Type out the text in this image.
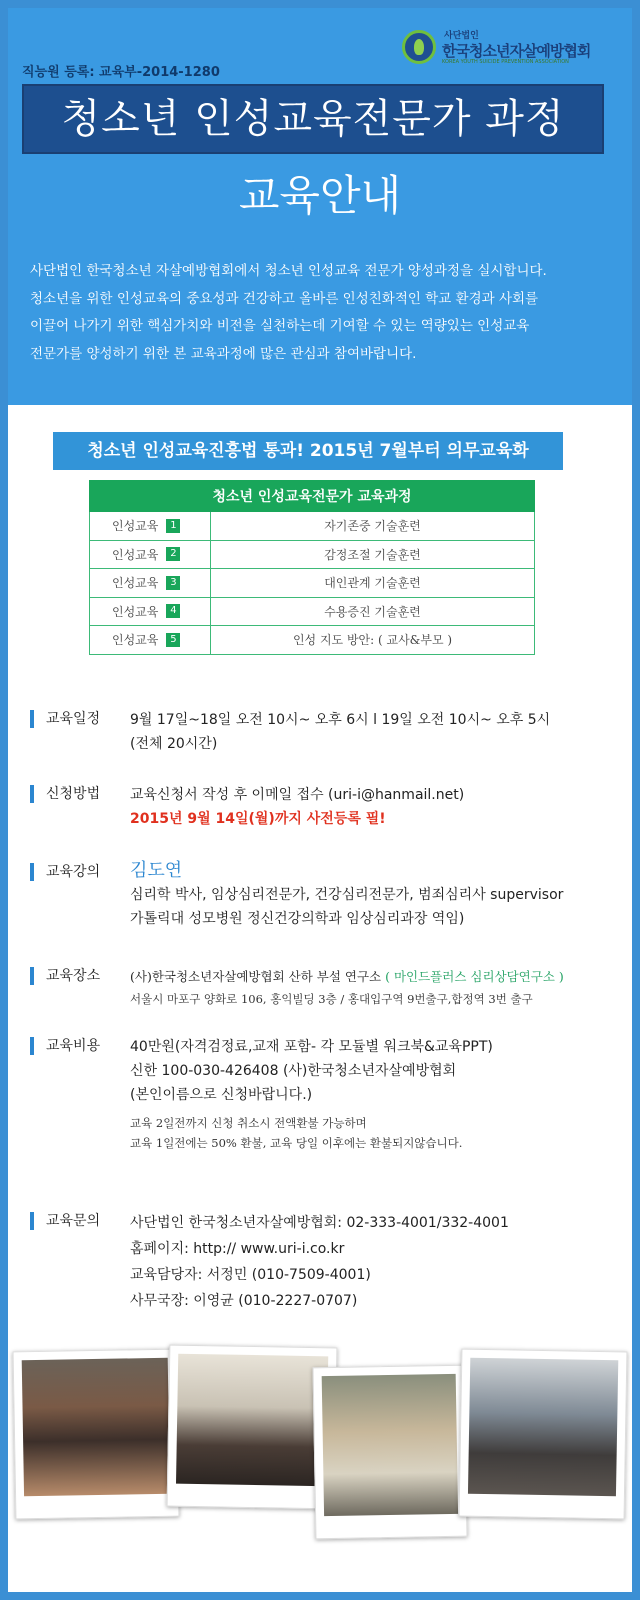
사단법인
한국청소년자살예방협회
KOREA YOUTH SUICIDE PREVENTION ASSOCIATION
직능원 등록: 교육부-2014-1280
청소년 인성교육전문가 과정
교육안내
사단법인 한국청소년 자살예방협회에서 청소년 인성교육 전문가 양성과정을 실시합니다.
청소년을 위한 인성교육의 중요성과 건강하고 올바른 인성친화적인 학교 환경과 사회를
이끌어 나가기 위한 핵심가치와 비전을 실천하는데 기여할 수 있는 역량있는 인성교육
전문가를 양성하기 위한 본 교육과정에 많은 관심과 참여바랍니다.
청소년 인성교육진흥법 통과! 2015년 7월부터 의무교육화
청소년 인성교육전문가 교육과정
인성교육	1	자기존중 기술훈련
인성교육	2	감정조절 기술훈련
인성교육	3	대인관계 기술훈련
인성교육	4	수용증진 기술훈련
인성교육	5	인성 지도 방안: ( 교사&부모 )
교육일정 9월 17일~18일 오전 10시~ 오후 6시 l 19일 오전 10시~ 오후 5시
(전체 20시간)
신청방법 교육신청서 작성 후 이메일 접수 (uri-i@hanmail.net)
2015년 9월 14일(월)까지 사전등록 필!
교육강의 김도연
심리학 박사, 임상심리전문가, 건강심리전문가, 범죄심리사 supervisor
가톨릭대 성모병원 정신건강의학과 임상심리과장 역임)
교육장소 (사)한국청소년자살예방협회 산하 부설 연구소 ( 마인드플러스 심리상담연구소 )
서울시 마포구 양화로 106, 홍익빌딩 3층 / 홍대입구역 9번출구,합정역 3번 출구
교육비용 40만원(자격검정료,교재 포함- 각 모듈별 워크북&교육PPT)
신한 100-030-426408 (사)한국청소년자살예방협회
(본인이름으로 신청바랍니다.)
교육 2일전까지 신청 취소시 전액환불 가능하며
교육 1일전에는 50% 환불, 교육 당일 이후에는 환불되지않습니다.
교육문의 사단법인 한국청소년자살예방협회: 02-333-4001/332-4001
홈페이지: http:// www.uri-i.co.kr
교육담당자: 서정민 (010-7509-4001)
사무국장: 이영균 (010-2227-0707)
